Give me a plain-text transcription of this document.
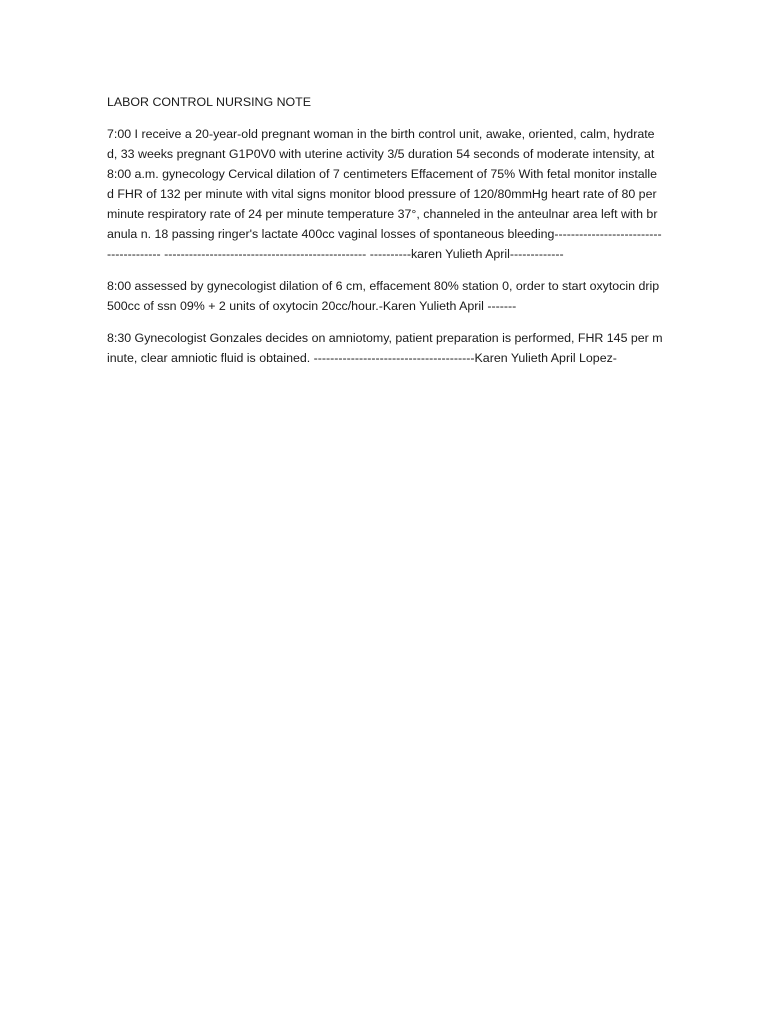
LABOR CONTROL NURSING NOTE

7:00 I receive a 20-year-old pregnant woman in the birth control unit, awake, oriented, calm, hydrated, 33 weeks pregnant G1P0V0 with uterine activity 3/5 duration 54 seconds of moderate intensity, at 8:00 a.m. gynecology Cervical dilation of 7 centimeters Effacement of 75% With fetal monitor installed FHR of 132 per minute with vital signs monitor blood pressure of 120/80mmHg heart rate of 80 per minute respiratory rate of 24 per minute temperature 37°, channeled in the anteulnar area left with branula n. 18 passing ringer's lactate 400cc vaginal losses of spontaneous bleeding--------------------------------------- ------------------------------------------------- ----------karen Yulieth April-------------

8:00 assessed by gynecologist dilation of 6 cm, effacement 80% station 0, order to start oxytocin drip 500cc of ssn 09% + 2 units of oxytocin 20cc/hour.-Karen Yulieth April -------

8:30 Gynecologist Gonzales decides on amniotomy, patient preparation is performed, FHR 145 per minute, clear amniotic fluid is obtained. ---------------------------------------Karen Yulieth April Lopez-
